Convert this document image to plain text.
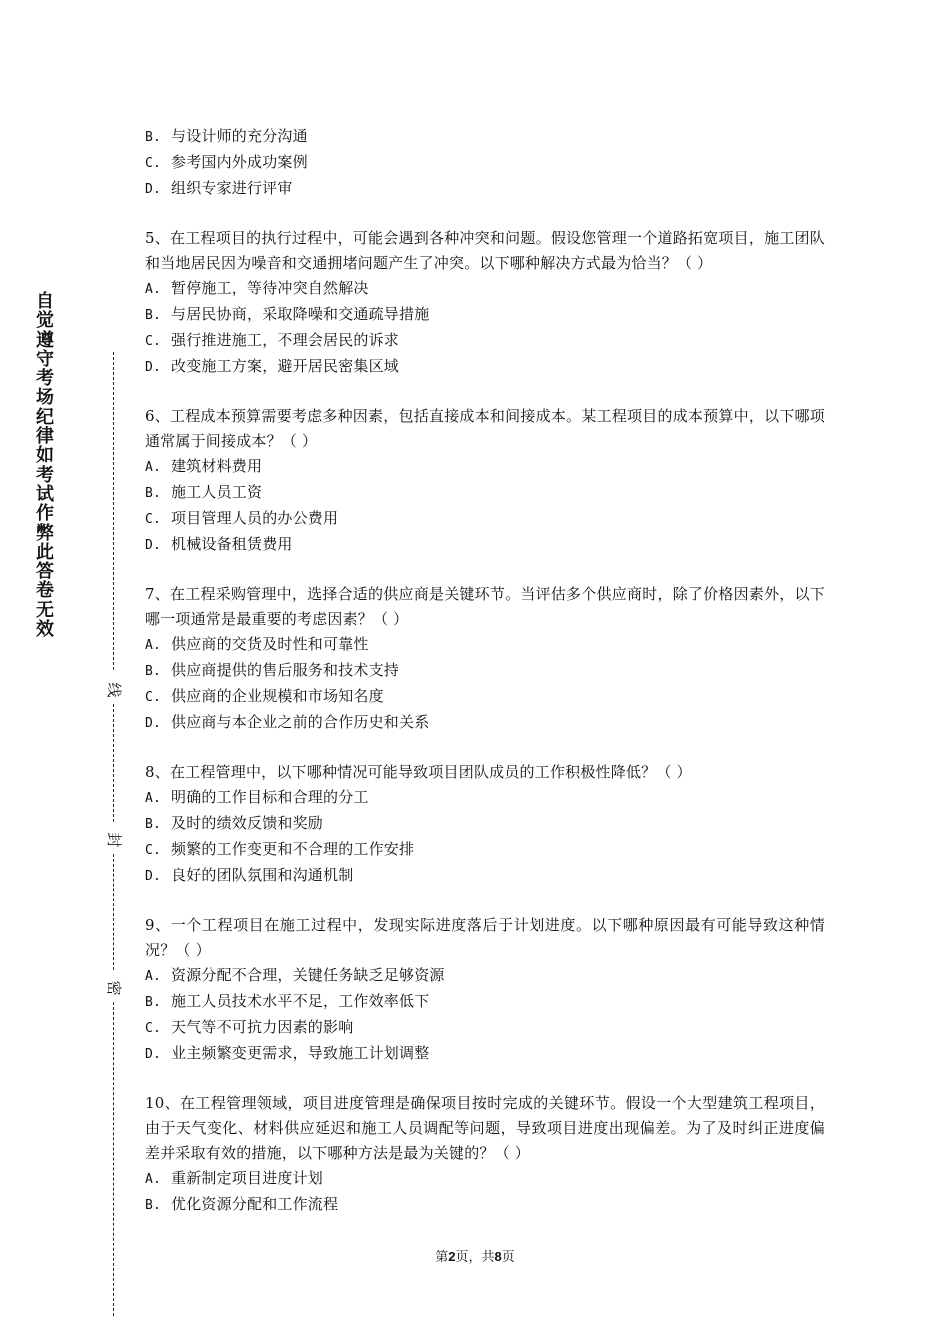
自
觉
遵
守
考
场
纪
律
如
考
试
作
弊
此
答
卷
无
效
线
封
密
B. 与设计师的充分沟通
C. 参考国内外成功案例
D. 组织专家进行评审
5、在工程项目的执行过程中，可能会遇到各种冲突和问题。假设您管理一个道路拓宽项目，施工团队和当地居民因为噪音和交通拥堵问题产生了冲突。以下哪种解决方式最为恰当？（ ）
A. 暂停施工，等待冲突自然解决
B. 与居民协商，采取降噪和交通疏导措施
C. 强行推进施工，不理会居民的诉求
D. 改变施工方案，避开居民密集区域
6、工程成本预算需要考虑多种因素，包括直接成本和间接成本。某工程项目的成本预算中，以下哪项通常属于间接成本？（ ）
A. 建筑材料费用
B. 施工人员工资
C. 项目管理人员的办公费用
D. 机械设备租赁费用
7、在工程采购管理中，选择合适的供应商是关键环节。当评估多个供应商时，除了价格因素外，以下哪一项通常是最重要的考虑因素？（ ）
A. 供应商的交货及时性和可靠性
B. 供应商提供的售后服务和技术支持
C. 供应商的企业规模和市场知名度
D. 供应商与本企业之前的合作历史和关系
8、在工程管理中，以下哪种情况可能导致项目团队成员的工作积极性降低？（ ）
A. 明确的工作目标和合理的分工
B. 及时的绩效反馈和奖励
C. 频繁的工作变更和不合理的工作安排
D. 良好的团队氛围和沟通机制
9、一个工程项目在施工过程中，发现实际进度落后于计划进度。以下哪种原因最有可能导致这种情况？（ ）
A. 资源分配不合理，关键任务缺乏足够资源
B. 施工人员技术水平不足，工作效率低下
C. 天气等不可抗力因素的影响
D. 业主频繁变更需求，导致施工计划调整
10、在工程管理领域，项目进度管理是确保项目按时完成的关键环节。假设一个大型建筑工程项目，由于天气变化、材料供应延迟和施工人员调配等问题，导致项目进度出现偏差。为了及时纠正进度偏差并采取有效的措施，以下哪种方法是最为关键的？（ ）
A. 重新制定项目进度计划
B. 优化资源分配和工作流程
第2页，共8页
